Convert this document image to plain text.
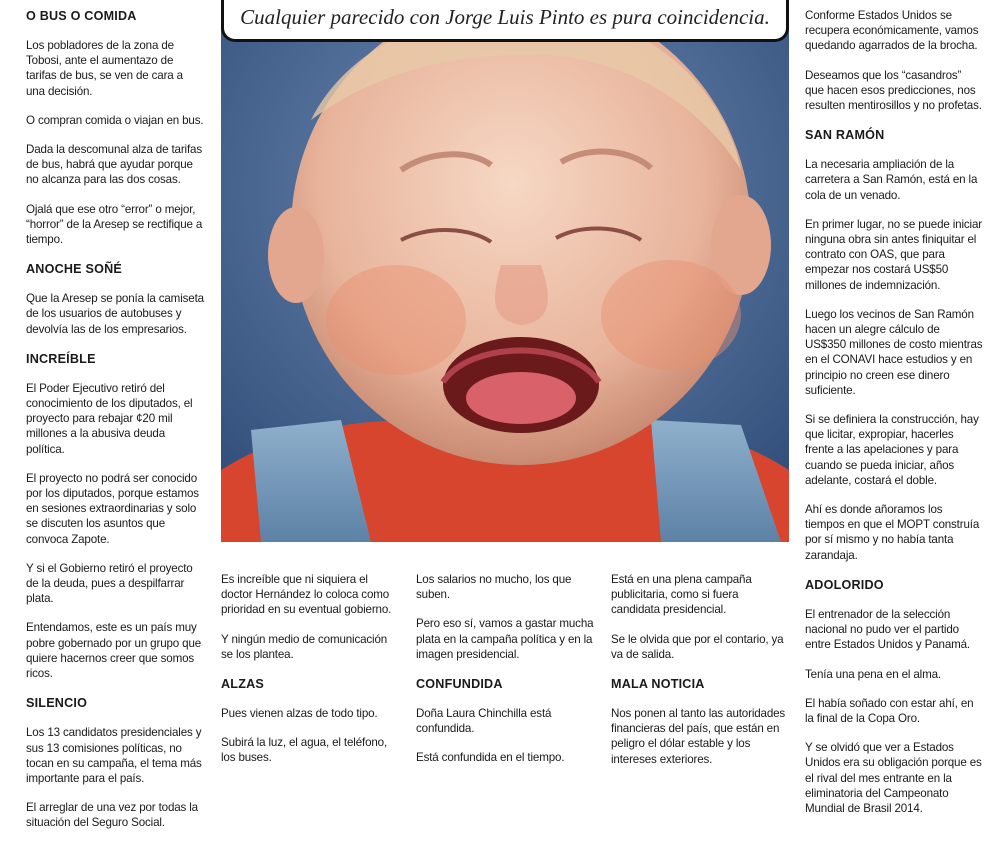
O BUS O COMIDA

Los pobladores de la zona de Tobosi, ante el aumentazo de tarifas de bus, se ven de cara a una decisión.

O compran comida o viajan en bus.

Dada la descomunal alza de tarifas de bus, habrá que ayudar porque no alcanza para las dos cosas.

Ojalá que ese otro “error” o mejor, “horror” de la Aresep se rectifique a tiempo.

ANOCHE SOÑÉ

Que la Aresep se ponía la camiseta de los usuarios de autobuses y devolvía las de los empresarios.

INCREÍBLE

El Poder Ejecutivo retiró del conocimiento de los diputados, el proyecto para rebajar ¢20 mil millones a la abusiva deuda política.

El proyecto no podrá ser conocido por los diputados, porque estamos en sesiones extraordinarias y solo se discuten los asuntos que convoca Zapote.

Y si el Gobierno retiró el proyecto de la deuda, pues a despilfarrar plata.

Entendamos, este es un país muy pobre gobernado por un grupo que quiere hacernos creer que somos ricos.

SILENCIO

Los 13 candidatos presidenciales y sus 13 comisiones políticas, no tocan en su campaña, el tema más importante para el país.

El arreglar de una vez por todas la situación del Seguro Social.

Cualquier parecido con Jorge Luis Pinto es pura coincidencia.

Es increíble que ni siquiera el doctor Hernández lo coloca como prioridad en su eventual gobierno.

Y ningún medio de comunicación se los plantea.

ALZAS

Pues vienen alzas de todo tipo.

Subirá la luz, el agua, el teléfono, los buses.

Los salarios no mucho, los que suben.

Pero eso sí, vamos a gastar mucha plata en la campaña política y en la imagen presidencial.

CONFUNDIDA

Doña Laura Chinchilla está confundida.

Está confundida en el tiempo.

Está en una plena campaña publicitaria, como si fuera candidata presidencial.

Se le olvida que por el contario, ya va de salida.

MALA NOTICIA

Nos ponen al tanto las autoridades financieras del país, que están en peligro el dólar estable y los intereses exteriores.

Conforme Estados Unidos se recupera económicamente, vamos quedando agarrados de la brocha.

Deseamos que los “casandros” que hacen esos predicciones, nos resulten mentirosillos y no profetas.

SAN RAMÓN

La necesaria ampliación de la carretera a San Ramón, está en la cola de un venado.

En primer lugar, no se puede iniciar ninguna obra sin antes finiquitar el contrato con OAS, que para empezar nos costará US$50 millones de indemnización.

Luego los vecinos de San Ramón hacen un alegre cálculo de US$350 millones de costo mientras en el CONAVI hace estudios y en principio no creen ese dinero suficiente.

Si se definiera la construcción, hay que licitar, expropiar, hacerles frente a las apelaciones y para cuando se pueda iniciar, años adelante, costará el doble.

Ahí es donde añoramos los tiempos en que el MOPT construía por sí mismo y no había tanta zarandaja.

ADOLORIDO

El entrenador de la selección nacional no pudo ver el partido entre Estados Unidos y Panamá.

Tenía una pena en el alma.

El había soñado con estar ahí, en la final de la Copa Oro.

Y se olvidó que ver a Estados Unidos era su obligación porque es el rival del mes entrante en la eliminatoria del Campeonato Mundial de Brasil 2014.
